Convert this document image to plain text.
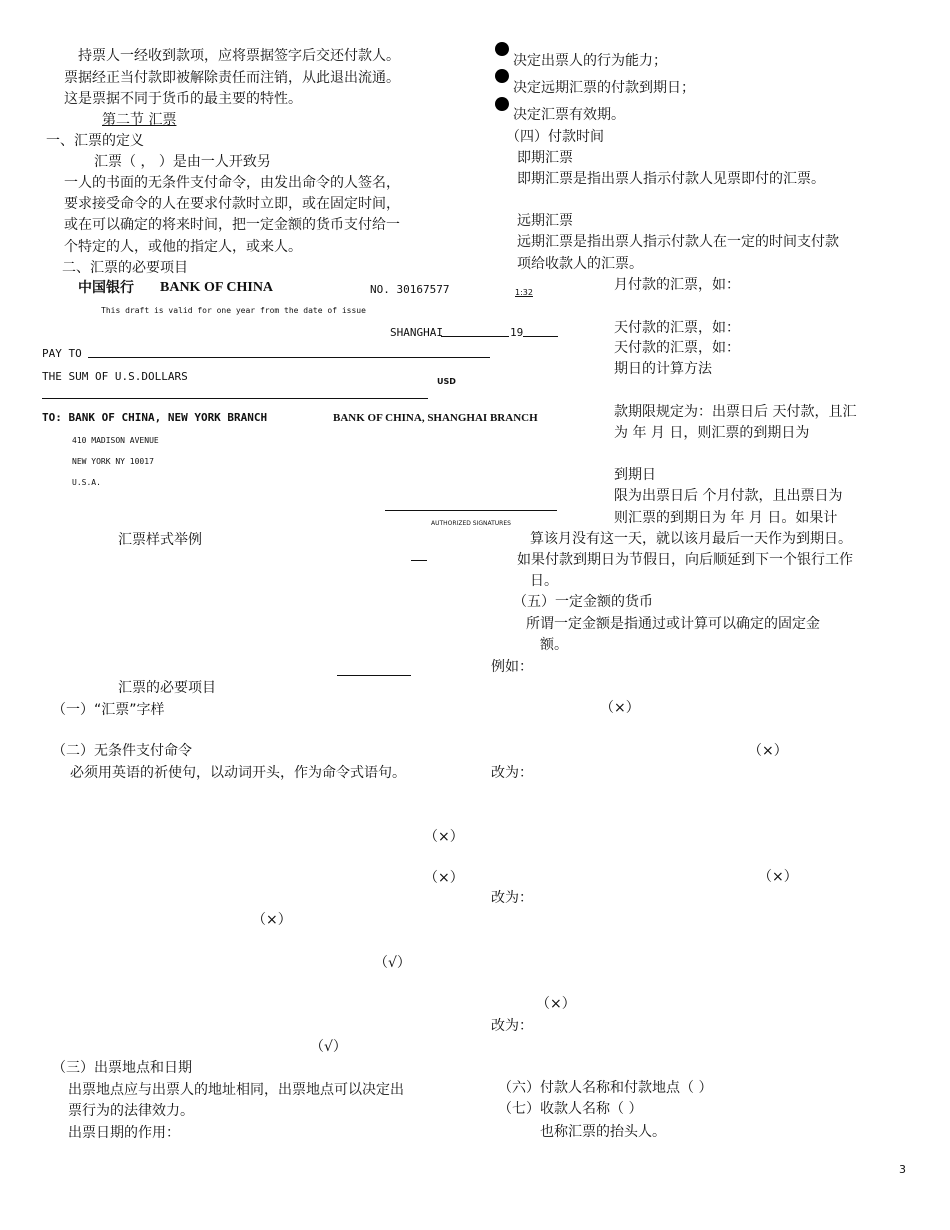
持票人一经收到款项，应将票据签字后交还付款人。
票据经正当付款即被解除责任而注销，从此退出流通。
这是票据不同于货币的最主要的特性。
第二节 汇票
一、汇票的定义
汇票（ ， ）是由一人开致另
一人的书面的无条件支付命令，由发出命令的人签名，
要求接受命令的人在要求付款时立即，或在固定时间，
或在可以确定的将来时间，把一定金额的货币支付给一
个特定的人，或他的指定人，或来人。
二、汇票的必要项目
中国银行 BANK OF CHINA	NO. 30167577	1:32
This draft is valid for one year from the date of issue
SHANGHAI	19
PAY TO
THE SUM OF U.S.DOLLARS	USD
TO: BANK OF CHINA, NEW YORK BRANCH	BANK OF CHINA, SHANGHAI BRANCH
410 MADISON AVENUE
NEW YORK NY 10017
U.S.A.
AUTHORIZED SIGNATURES
汇票样式举例
汇票的必要项目
（一）“汇票”字样
（二）无条件支付命令
必须用英语的祈使句，以动词开头，作为命令式语句。
（×）
（×）
（×）
（√）
（√）
（三）出票地点和日期
出票地点应与出票人的地址相同，出票地点可以决定出
票行为的法律效力。
出票日期的作用：
决定出票人的行为能力；
决定远期汇票的付款到期日；
决定汇票有效期。
（四）付款时间
即期汇票
即期汇票是指出票人指示付款人见票即付的汇票。
远期汇票
远期汇票是指出票人指示付款人在一定的时间支付款
项给收款人的汇票。
月付款的汇票，如：
天付款的汇票，如：
天付款的汇票，如：
期日的计算方法
款期限规定为：出票日后 天付款，且汇
为 年 月 日，则汇票的到期日为
到期日
限为出票日后 个月付款，且出票日为
则汇票的到期日为 年 月 日。如果计
算该月没有这一天，就以该月最后一天作为到期日。
如果付款到期日为节假日，向后顺延到下一个银行工作
日。
（五）一定金额的货币
所谓一定金额是指通过或计算可以确定的固定金
额。
例如：
（×）
（×）
改为：
（×）
改为：
（×）
改为：
（六）付款人名称和付款地点（ ）
（七）收款人名称（ ）
也称汇票的抬头人。
3
